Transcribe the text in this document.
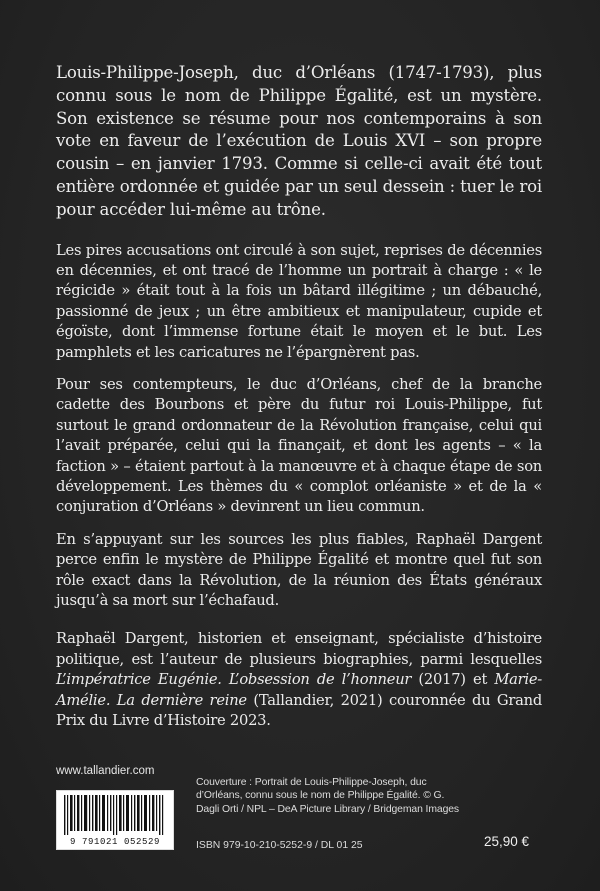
Louis-Philippe-Joseph, duc d’Orléans (1747-1793), plus connu sous le nom de Philippe Égalité, est un mystère. Son existence se résume pour nos contemporains à son vote en faveur de l’exécution de Louis XVI – son propre cousin – en janvier 1793. Comme si celle-ci avait été tout entière ordonnée et guidée par un seul dessein : tuer le roi pour accéder lui-même au trône.

Les pires accusations ont circulé à son sujet, reprises de décennies en décennies, et ont tracé de l’homme un portrait à charge : « le régicide » était tout à la fois un bâtard illégitime ; un débauché, passionné de jeux ; un être ambitieux et manipulateur, cupide et égoïste, dont l’immense fortune était le moyen et le but. Les pamphlets et les caricatures ne l’épargnèrent pas.

Pour ses contempteurs, le duc d’Orléans, chef de la branche cadette des Bourbons et père du futur roi Louis-Philippe, fut surtout le grand ordonnateur de la Révolution française, celui qui l’avait préparée, celui qui la finançait, et dont les agents – « la faction » – étaient partout à la manœuvre et à chaque étape de son développement. Les thèmes du « complot orléaniste » et de la « conjuration d’Orléans » devinrent un lieu commun.

En s’appuyant sur les sources les plus fiables, Raphaël Dargent perce enfin le mystère de Philippe Égalité et montre quel fut son rôle exact dans la Révolution, de la réunion des États généraux jusqu’à sa mort sur l’échafaud.

Raphaël Dargent, historien et enseignant, spécialiste d’histoire politique, est l’auteur de plusieurs biographies, parmi lesquelles L’impératrice Eugénie. L’obsession de l’honneur (2017) et Marie-Amélie. La dernière reine (Tallandier, 2021) couronnée du Grand Prix du Livre d’Histoire 2023.

www.tallandier.com
9 791021 052529
Couverture : Portrait de Louis-Philippe-Joseph, duc d’Orléans, connu sous le nom de Philippe Égalité. © G. Dagli Orti / NPL – DeA Picture Library / Bridgeman Images
ISBN 979-10-210-5252-9 / DL 01 25	25,90 €
